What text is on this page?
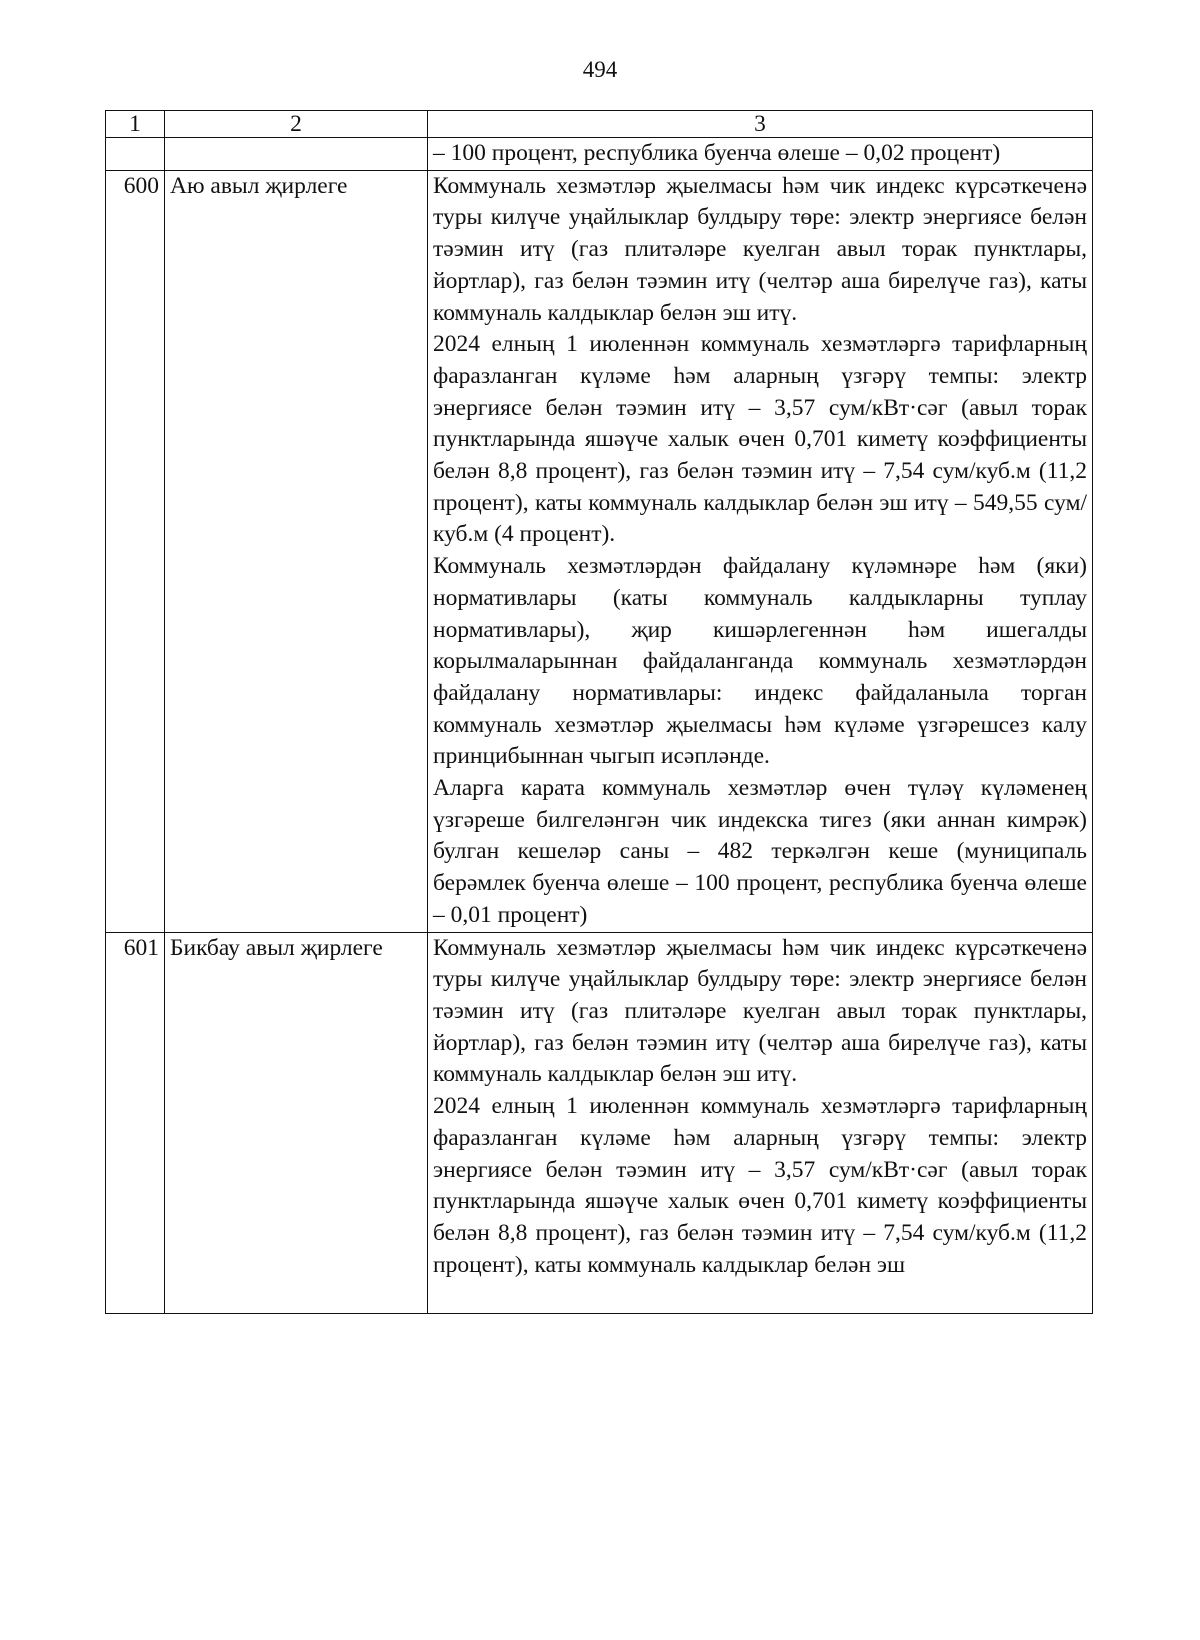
494
1	2	3

		– 100 процент, республика буенча өлеше – 0,02 процент)

600	Аю авыл җирлеге	Коммуналь хезмәтләр җыелмасы һәм чик индекс күрсәткеченә туры килүче уңайлыклар булдыру төре: электр энергиясе белән тәэмин итү (газ плитәләре куелган авыл торак пунктлары, йортлар), газ белән тәэмин итү (челтәр аша бирелүче газ), каты коммуналь калдыклар белән эш итү.

2024 елның 1 июленнән коммуналь хезмәтләргә тарифларның фаразланган күләме һәм аларның үзгәрү темпы: электр энергиясе белән тәэмин итү – 3,57 сум/кВт·сәг (авыл торак пунктларында яшәүче халык өчен 0,701 киметү коэффициенты белән 8,8 процент), газ белән тәэмин итү – 7,54 сум/куб.м (11,2 процент), каты коммуналь калдыклар белән эш итү – 549,55 сум/куб.м (4 процент).

Коммуналь хезмәтләрдән файдалану күләмнәре һәм (яки) нормативлары (каты коммуналь калдыкларны туплау нормативлары), җир кишәрлегеннән һәм ишегалды корылмаларыннан файдаланганда коммуналь хезмәтләрдән файдалану нормативлары: индекс файдаланыла торган коммуналь хезмәтләр җыелмасы һәм күләме үзгәрешсез калу принцибыннан чыгып исәпләнде.

Аларга карата коммуналь хезмәтләр өчен түләү күләменең үзгәреше билгеләнгән чик индекска тигез (яки аннан кимрәк) булган кешеләр саны – 482 теркәлгән кеше (муниципаль берәмлек буенча өлеше – 100 процент, республика буенча өлеше – 0,01 процент)

601	Бикбау авыл җирлеге	Коммуналь хезмәтләр җыелмасы һәм чик индекс күрсәткеченә туры килүче уңайлыклар булдыру төре: электр энергиясе белән тәэмин итү (газ плитәләре куелган авыл торак пунктлары, йортлар), газ белән тәэмин итү (челтәр аша бирелүче газ), каты коммуналь калдыклар белән эш итү.

2024 елның 1 июленнән коммуналь хезмәтләргә тарифларның фаразланган күләме һәм аларның үзгәрү темпы: электр энергиясе белән тәэмин итү – 3,57 сум/кВт·сәг (авыл торак пунктларында яшәүче халык өчен 0,701 киметү коэффициенты белән 8,8 процент), газ белән тәэмин итү – 7,54 сум/куб.м (11,2 процент), каты коммуналь калдыклар белән эш
